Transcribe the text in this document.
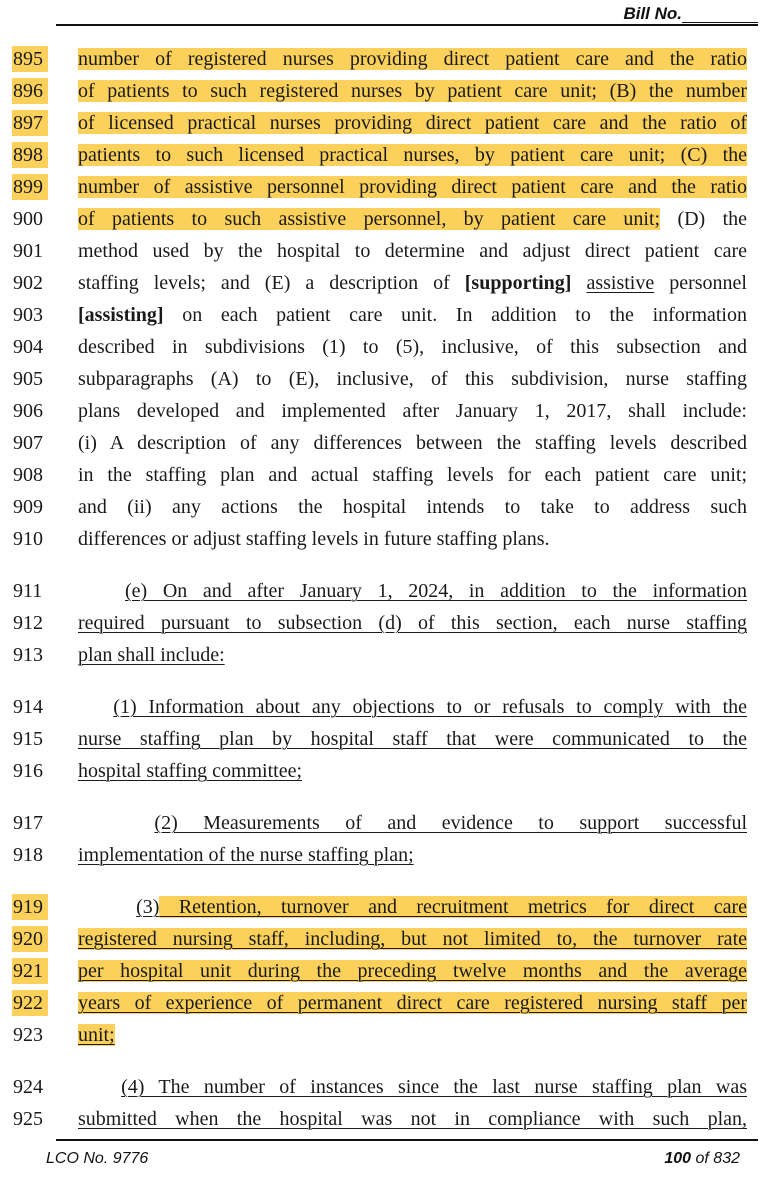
Bill No.
895 number of registered nurses providing direct patient care and the ratio
896 of patients to such registered nurses by patient care unit; (B) the number
897 of licensed practical nurses providing direct patient care and the ratio of
898 patients to such licensed practical nurses, by patient care unit; (C) the
899 number of assistive personnel providing direct patient care and the ratio
900 of patients to such assistive personnel, by patient care unit; (D) the
901 method used by the hospital to determine and adjust direct patient care
902 staffing levels; and (E) a description of [supporting] assistive personnel
903 [assisting] on each patient care unit. In addition to the information
904 described in subdivisions (1) to (5), inclusive, of this subsection and
905 subparagraphs (A) to (E), inclusive, of this subdivision, nurse staffing
906 plans developed and implemented after January 1, 2017, shall include:
907 (i) A description of any differences between the staffing levels described
908 in the staffing plan and actual staffing levels for each patient care unit;
909 and (ii) any actions the hospital intends to take to address such
910 differences or adjust staffing levels in future staffing plans.
911	(e) On and after January 1, 2024, in addition to the information
912 required pursuant to subsection (d) of this section, each nurse staffing
913 plan shall include:
914	(1) Information about any objections to or refusals to comply with the
915 nurse staffing plan by hospital staff that were communicated to the
916 hospital staffing committee;
917	(2) Measurements of and evidence to support successful
918 implementation of the nurse staffing plan;
919	(3) Retention, turnover and recruitment metrics for direct care
920 registered nursing staff, including, but not limited to, the turnover rate
921 per hospital unit during the preceding twelve months and the average
922 years of experience of permanent direct care registered nursing staff per
923 unit;
924	(4) The number of instances since the last nurse staffing plan was
925 submitted when the hospital was not in compliance with such plan,
LCO No. 9776	100 of 832
